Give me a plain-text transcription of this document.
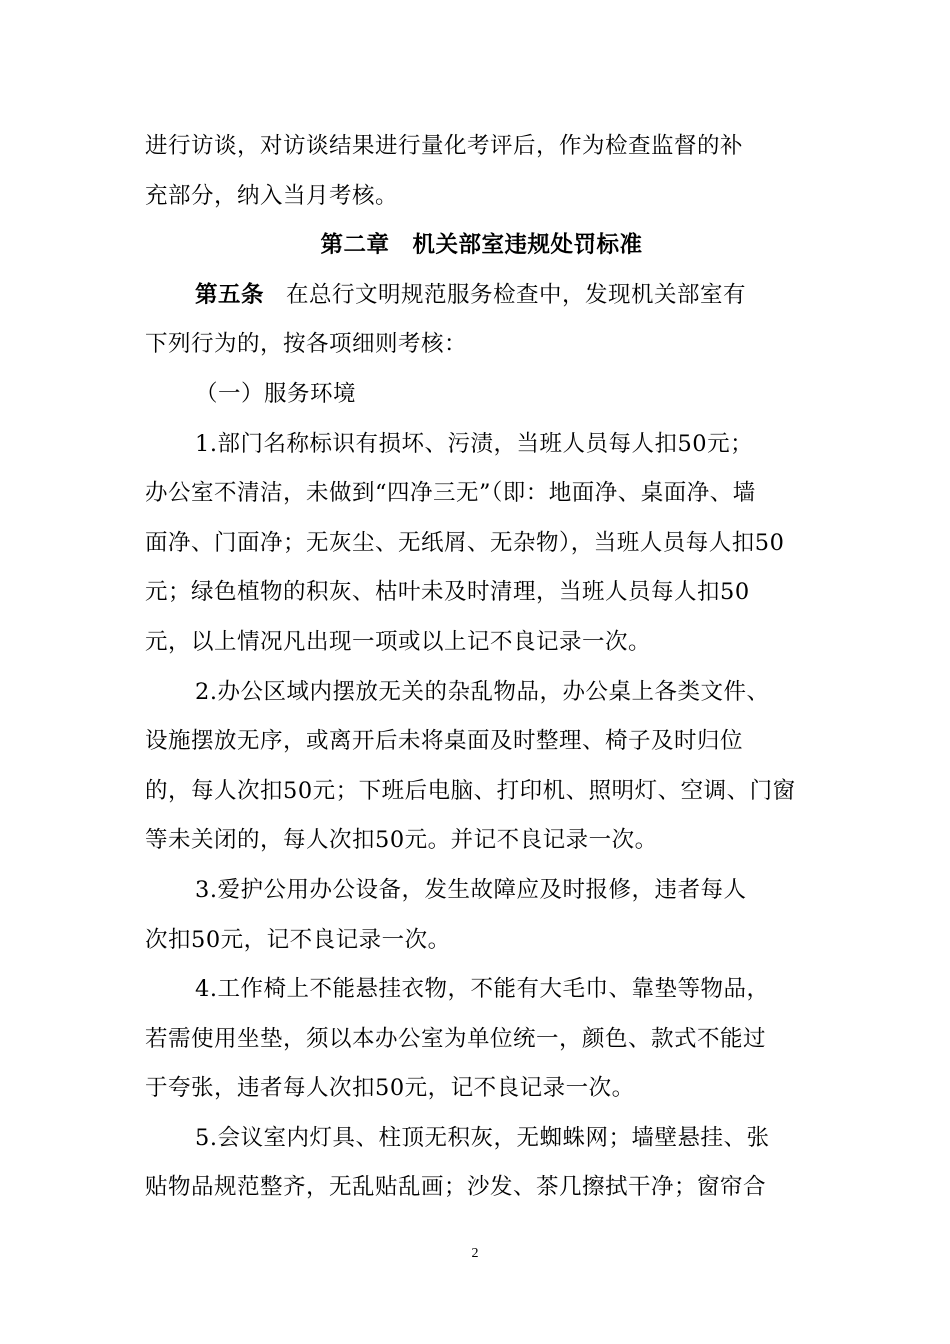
进行访谈，对访谈结果进行量化考评后，作为检查监督的补
充部分，纳入当月考核。
第二章　机关部室违规处罚标准
第五条 在总行文明规范服务检查中，发现机关部室有
下列行为的，按各项细则考核：
（一）服务环境
1.部门名称标识有损坏、污渍，当班人员每人扣50元；
办公室不清洁，未做到“四净三无”（即：地面净、桌面净、墙
面净、门面净；无灰尘、无纸屑、无杂物），当班人员每人扣50
元；绿色植物的积灰、枯叶未及时清理，当班人员每人扣50
元，以上情况凡出现一项或以上记不良记录一次。
2.办公区域内摆放无关的杂乱物品，办公桌上各类文件、
设施摆放无序，或离开后未将桌面及时整理、椅子及时归位
的，每人次扣50元；下班后电脑、打印机、照明灯、空调、门窗
等未关闭的，每人次扣50元。并记不良记录一次。
3.爱护公用办公设备，发生故障应及时报修，违者每人
次扣50元，记不良记录一次。
4.工作椅上不能悬挂衣物，不能有大毛巾、靠垫等物品，
若需使用坐垫，须以本办公室为单位统一，颜色、款式不能过
于夸张，违者每人次扣50元，记不良记录一次。
5.会议室内灯具、柱顶无积灰，无蜘蛛网；墙壁悬挂、张
贴物品规范整齐，无乱贴乱画；沙发、茶几擦拭干净；窗帘合
2
